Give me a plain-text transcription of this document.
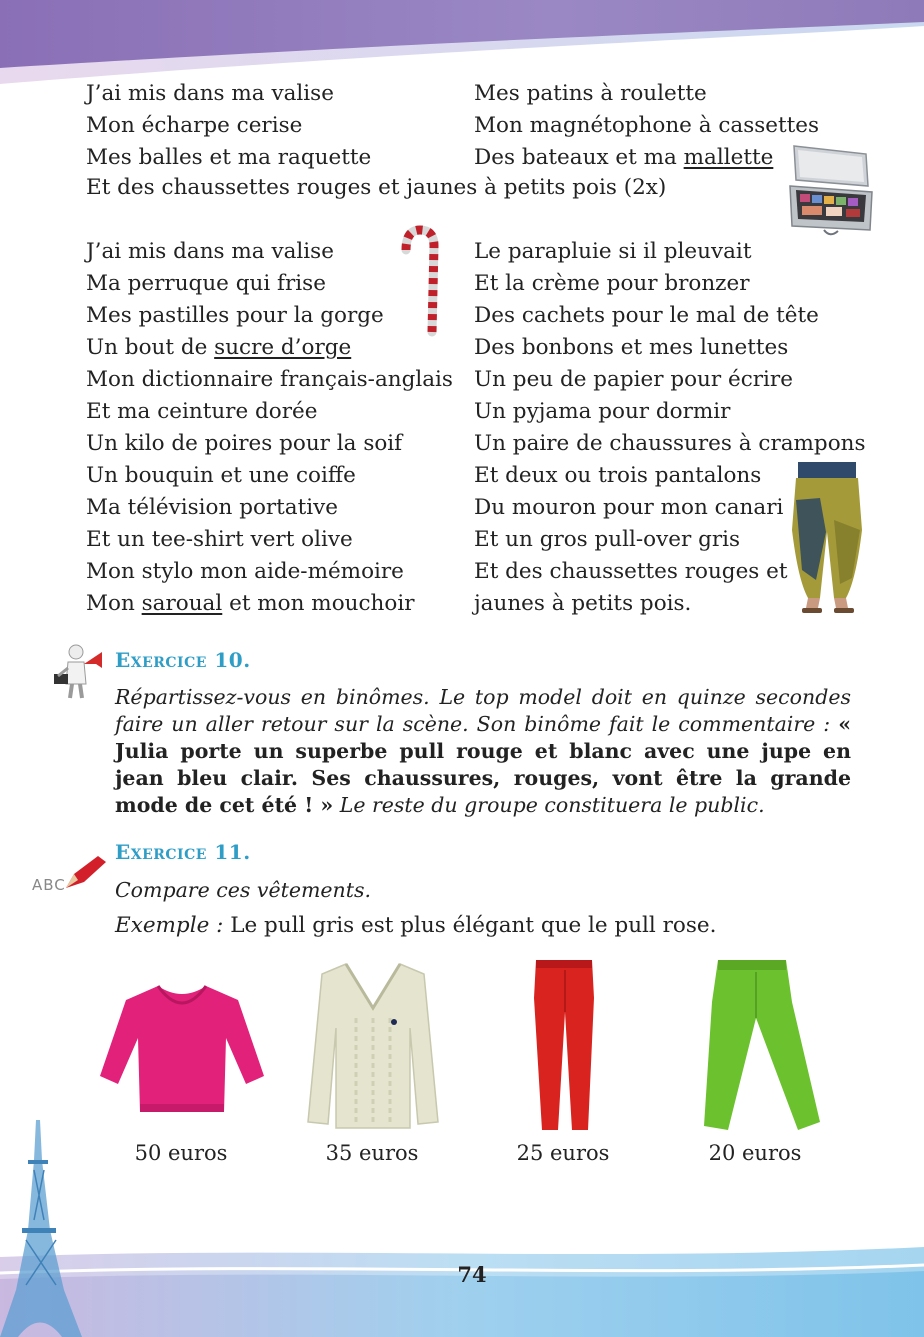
J’ai mis dans ma valise
Mon écharpe cerise
Mes balles et ma raquette
Mes patins à roulette
Mon magnétophone à cassettes
Des bateaux et ma mallette
Et des chaussettes rouges et jaunes à petits pois (2x)
J’ai mis dans ma valise
Ma perruque qui frise
Mes pastilles pour la gorge
Un bout de sucre d’orge
Mon dictionnaire français-anglais
Et ma ceinture dorée
Un kilo de poires pour la soif
Un bouquin et une coiffe
Ma télévision portative
Et un tee-shirt vert olive
Mon stylo mon aide-mémoire
Mon saroual et mon mouchoir
Le parapluie si il pleuvait
Et la crème pour bronzer
Des cachets pour le mal de tête
Des bonbons et mes lunettes
Un peu de papier pour écrire
Un pyjama pour dormir
Un paire de chaussures à crampons
Et deux ou trois pantalons
Du mouron pour mon canari
Et un gros pull-over gris
Et des chaussettes rouges et
jaunes à petits pois.
Exercice 10.
Répartissez-vous en binômes. Le top model doit en quinze secondes faire un aller retour sur la scène. Son binôme fait le commentaire : « Julia porte un superbe pull rouge et blanc avec une jupe en jean bleu clair. Ses chaussures, rouges, vont être la grande mode de cet été ! » Le reste du groupe constituera le public.
ABC
Exercice 11.
Compare ces vêtements.
Exemple : Le pull gris est plus élégant que le pull rose.
50 euros	35 euros	25 euros	20 euros
74
